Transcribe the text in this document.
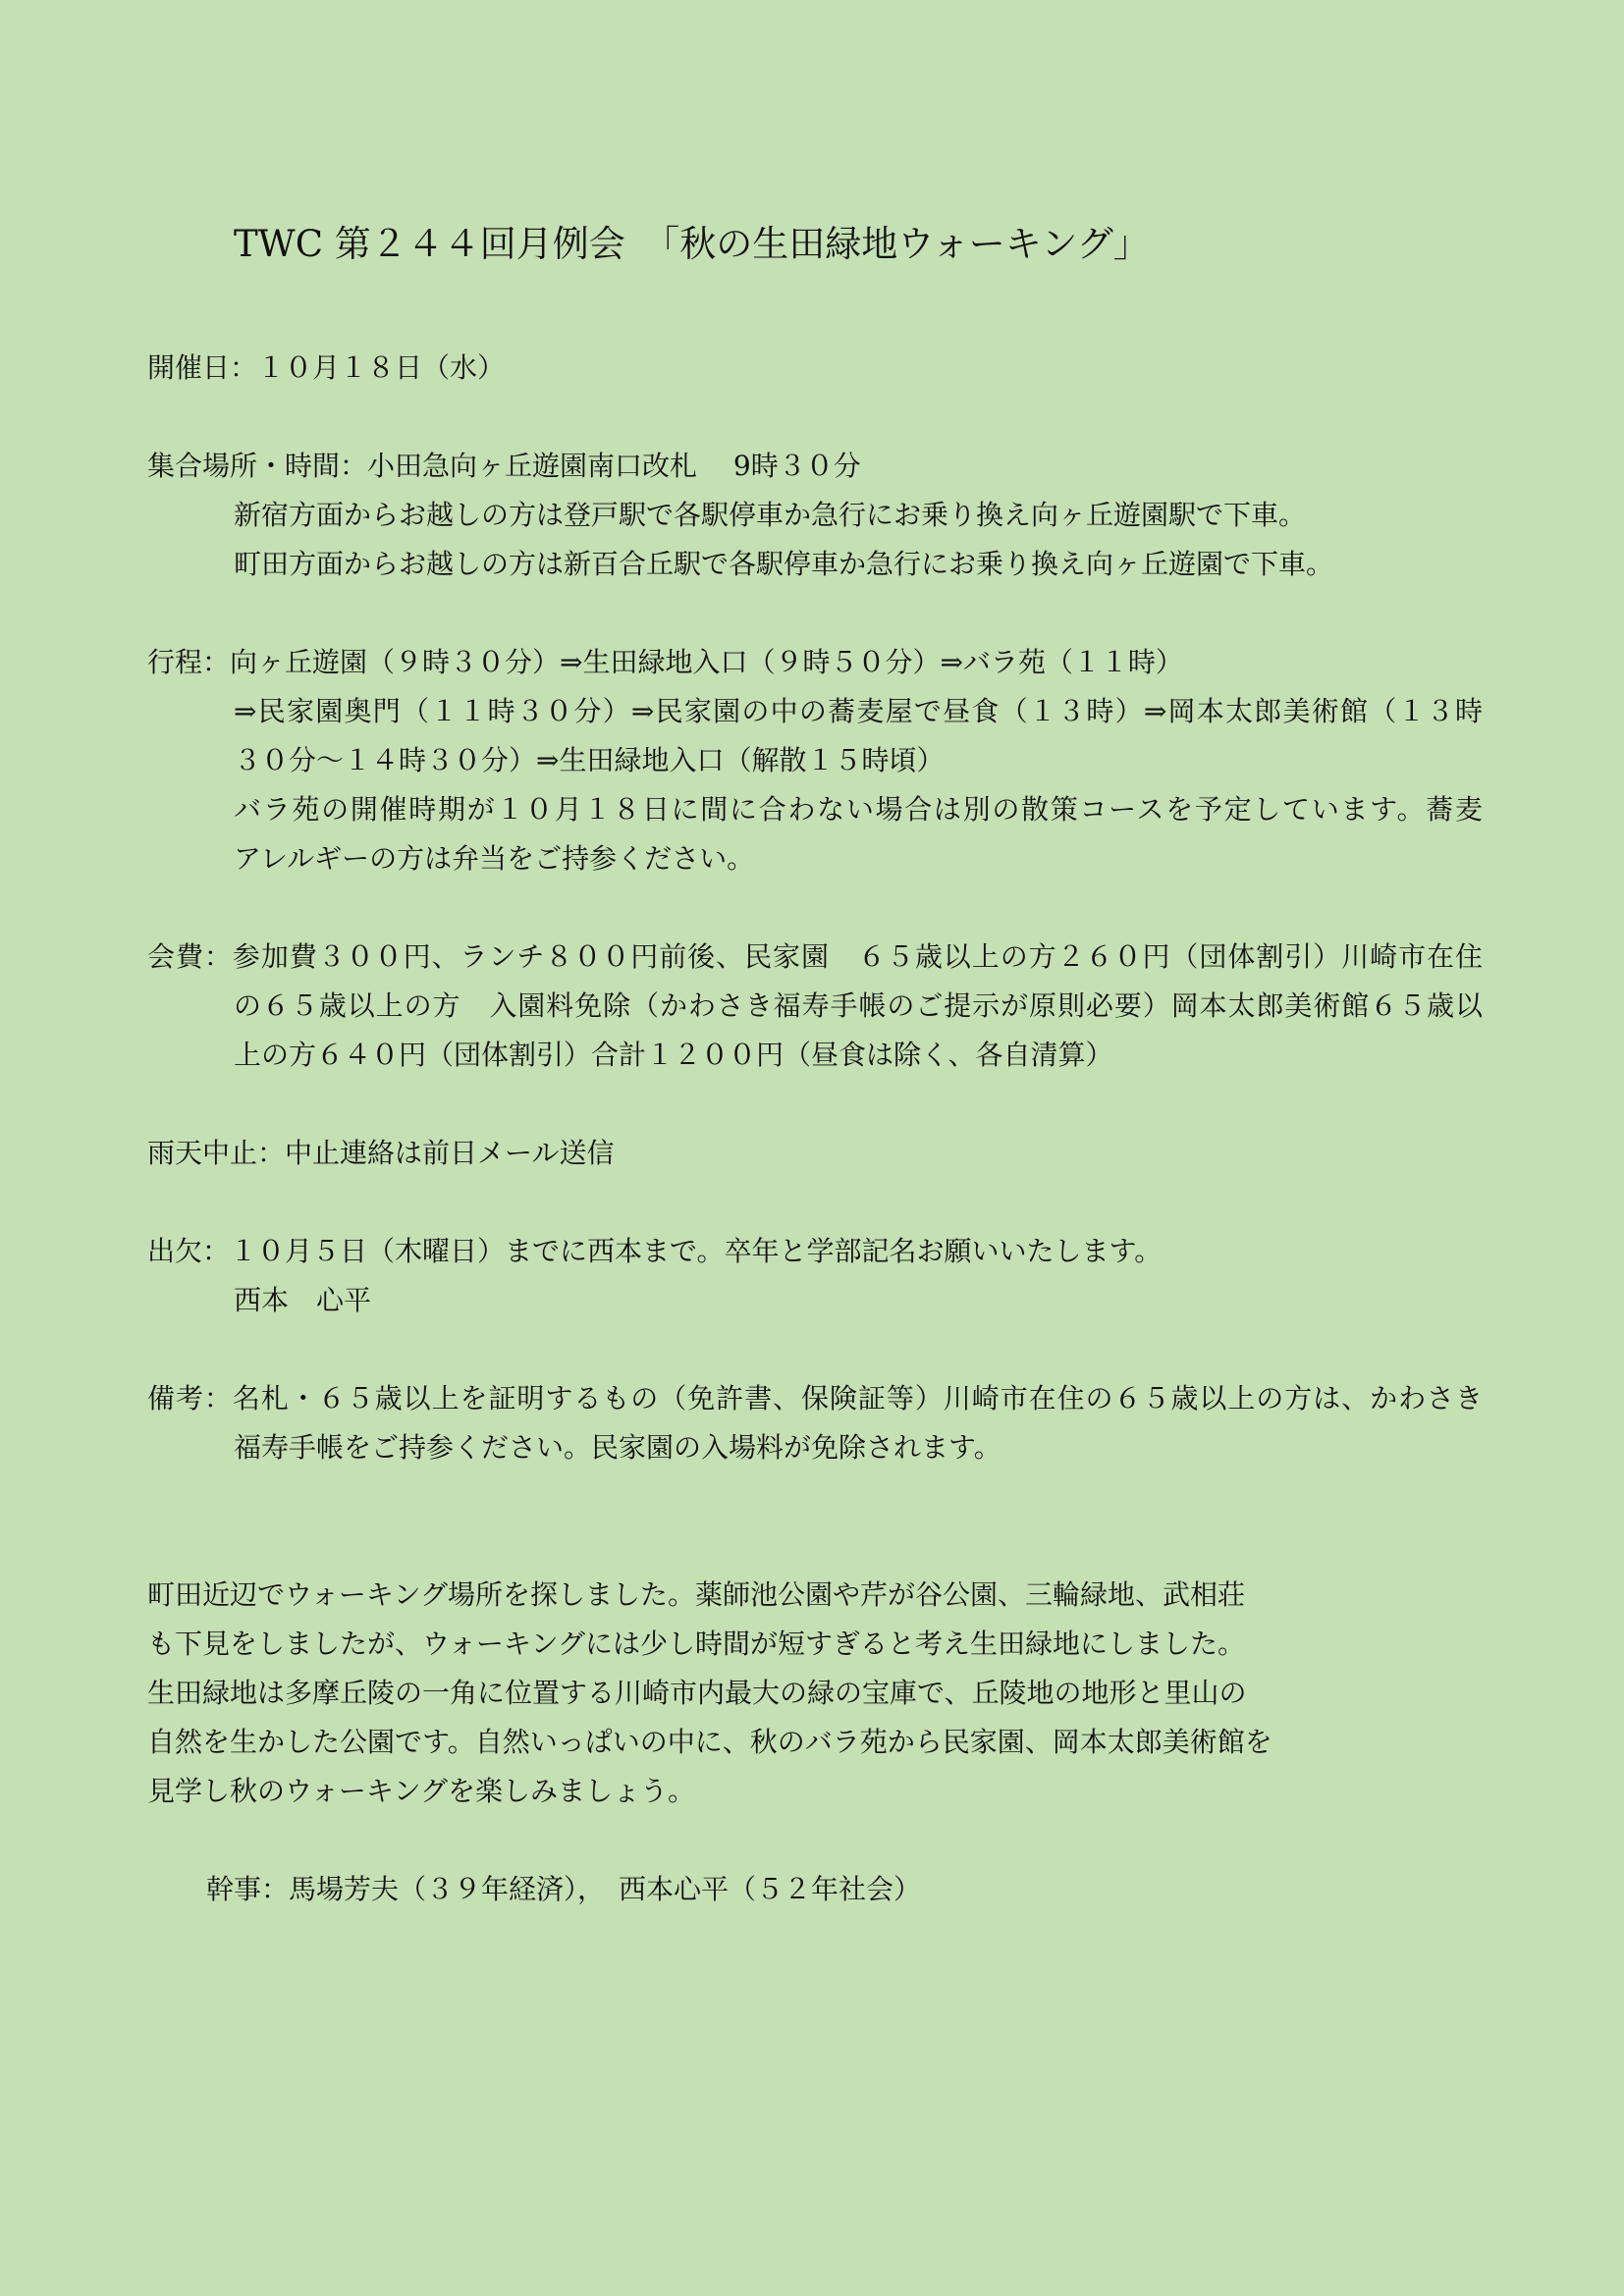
TWC 第２４４回月例会　「秋の生田緑地ウォーキング」
開催日：１０月１８日（水）
集合場所・時間：小田急向ヶ丘遊園南口改札　 9時３０分
新宿方面からお越しの方は登戸駅で各駅停車か急行にお乗り換え向ヶ丘遊園駅で下車。
町田方面からお越しの方は新百合丘駅で各駅停車か急行にお乗り換え向ヶ丘遊園で下車。
行程：向ヶ丘遊園（９時３０分）⇒生田緑地入口（９時５０分）⇒バラ苑（１１時）
⇒民家園奥門（１１時３０分）⇒民家園の中の蕎麦屋で昼食（１３時）⇒岡本太郎美術館（１３時
３０分～１４時３０分）⇒生田緑地入口（解散１５時頃）
バラ苑の開催時期が１０月１８日に間に合わない場合は別の散策コースを予定しています。蕎麦
アレルギーの方は弁当をご持参ください。
会費：参加費３００円、ランチ８００円前後、民家園　６５歳以上の方２６０円（団体割引）川崎市在住
の６５歳以上の方　入園料免除（かわさき福寿手帳のご提示が原則必要）岡本太郎美術館６５歳以
上の方６４０円（団体割引）合計１２００円（昼食は除く、各自清算）
雨天中止：中止連絡は前日メール送信
出欠：１０月５日（木曜日）までに西本まで。卒年と学部記名お願いいたします。
西本　心平
備考：名札・６５歳以上を証明するもの（免許書、保険証等）川崎市在住の６５歳以上の方は、かわさき
福寿手帳をご持参ください。民家園の入場料が免除されます。
町田近辺でウォーキング場所を探しました。薬師池公園や芹が谷公園、三輪緑地、武相荘
も下見をしましたが、ウォーキングには少し時間が短すぎると考え生田緑地にしました。
生田緑地は多摩丘陵の一角に位置する川崎市内最大の緑の宝庫で、丘陵地の地形と里山の
自然を生かした公園です。自然いっぱいの中に、秋のバラ苑から民家園、岡本太郎美術館を
見学し秋のウォーキングを楽しみましょう。
幹事：馬場芳夫（３９年経済），　西本心平（５２年社会）
